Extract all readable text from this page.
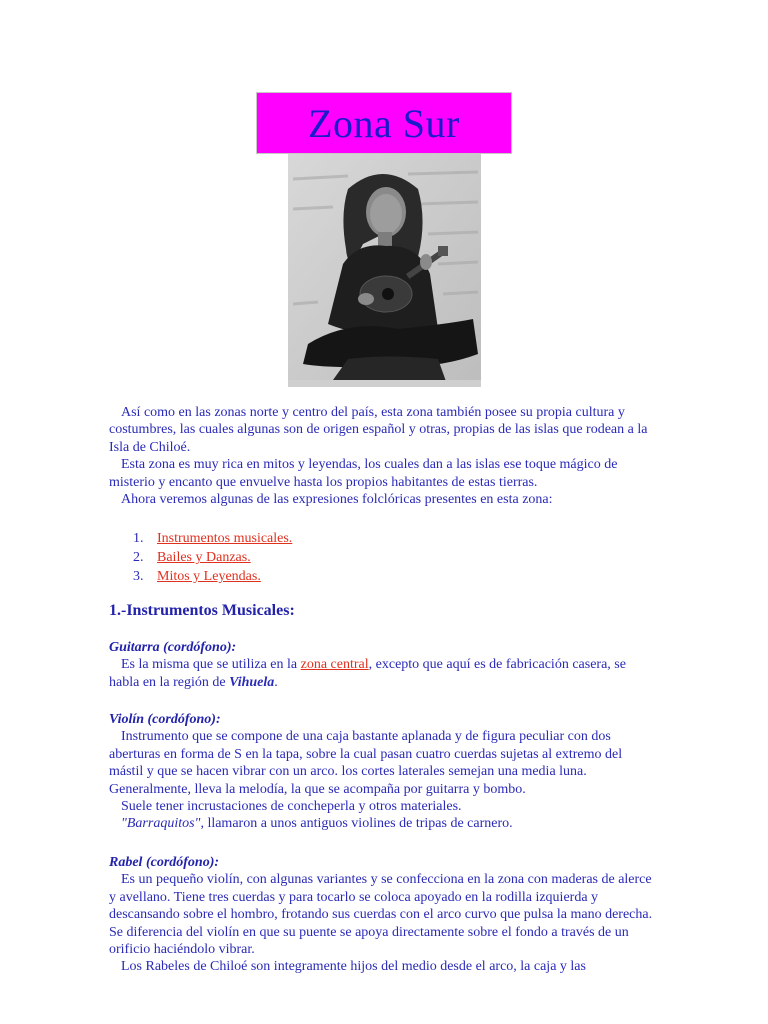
Zona Sur

Así como en las zonas norte y centro del país, esta zona también posee su propia cultura y costumbres, las cuales algunas son de origen español y otras, propias de las islas que rodean a la Isla de Chiloé.

Esta zona es muy rica en mitos y leyendas, los cuales dan a las islas ese toque mágico de misterio y encanto que envuelve hasta los propios habitantes de estas tierras.

Ahora veremos algunas de las expresiones folclóricas presentes en esta zona:

1. Instrumentos musicales.
2. Bailes y Danzas.
3. Mitos y Leyendas.
1.-Instrumentos Musicales:

Guitarra (cordófono):

Es la misma que se utiliza en la zona central, excepto que aquí es de fabricación casera, se habla en la región de Vihuela.

Violín (cordófono):

Instrumento que se compone de una caja bastante aplanada y de figura peculiar con dos aberturas en forma de S en la tapa, sobre la cual pasan cuatro cuerdas sujetas al extremo del mástil y que se hacen vibrar con un arco. los cortes laterales semejan una media luna. Generalmente, lleva la melodía, la que se acompaña por guitarra y bombo.

Suele tener incrustaciones de concheperla y otros materiales.

"Barraquitos", llamaron a unos antiguos violines de tripas de carnero.

Rabel (cordófono):

Es un pequeño violín, con algunas variantes y se confecciona en la zona con maderas de alerce y avellano. Tiene tres cuerdas y para tocarlo se coloca apoyado en la rodilla izquierda y descansando sobre el hombro, frotando sus cuerdas con el arco curvo que pulsa la mano derecha. Se diferencia del violín en que su puente se apoya directamente sobre el fondo a través de un orificio haciéndolo vibrar.

Los Rabeles de Chiloé son integramente hijos del medio desde el arco, la caja y las
